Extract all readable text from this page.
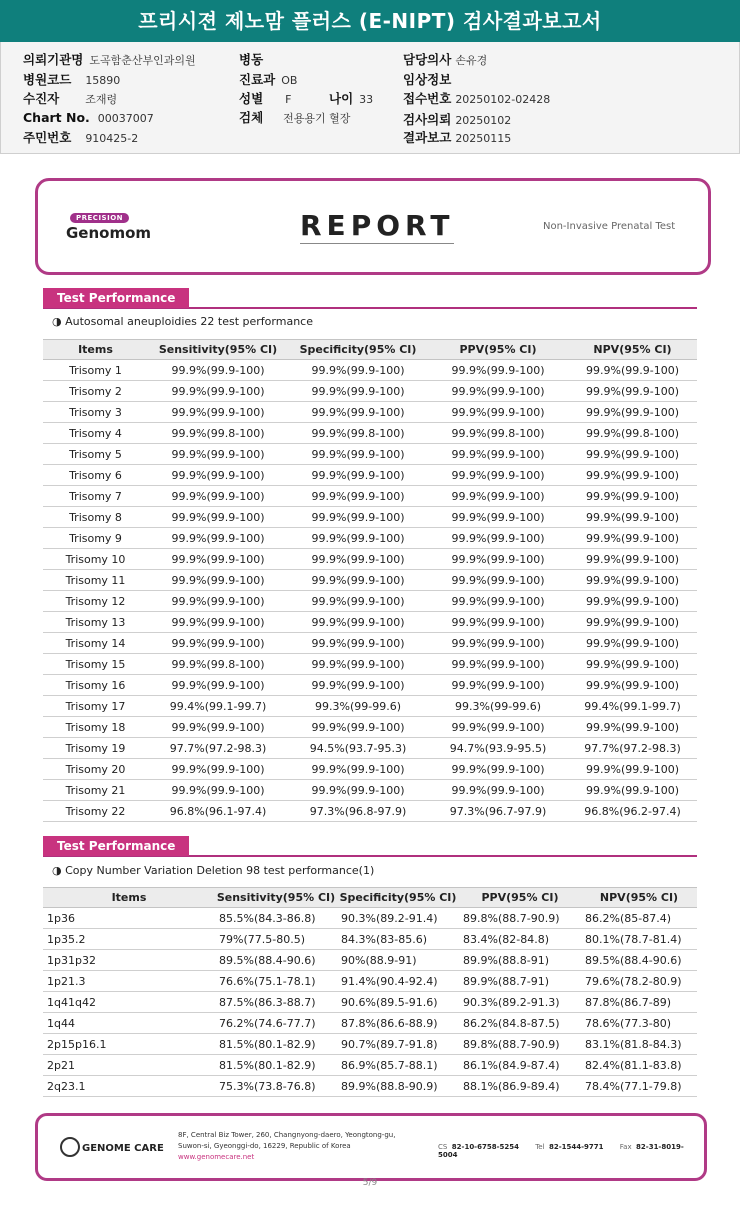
프리시젼 제노맘 플러스 (E-NIPT) 검사결과보고서
의뢰기관명 도곡함춘산부인과의원
병원코드 15890
수진자 조재령
Chart No. 00037007
주민번호 910425-2
병동
진료과 OB
성별 F	나이 33
검체 전용용기 혈장
담당의사 손유경
임상정보
접수번호 20250102-02428
검사의뢰 20250102
결과보고 20250115
PRECISION
Genomom	REPORT	Non-Invasive Prenatal Test
Test Performance
◑ Autosomal aneuploidies 22 test performance
Items	Sensitivity(95% CI)	Specificity(95% CI)	PPV(95% CI)	NPV(95% CI)
Trisomy 1	99.9%(99.9-100)	99.9%(99.9-100)	99.9%(99.9-100)	99.9%(99.9-100)
Trisomy 2	99.9%(99.9-100)	99.9%(99.9-100)	99.9%(99.9-100)	99.9%(99.9-100)
Trisomy 3	99.9%(99.9-100)	99.9%(99.9-100)	99.9%(99.9-100)	99.9%(99.9-100)
Trisomy 4	99.9%(99.8-100)	99.9%(99.8-100)	99.9%(99.8-100)	99.9%(99.8-100)
Trisomy 5	99.9%(99.9-100)	99.9%(99.9-100)	99.9%(99.9-100)	99.9%(99.9-100)
Trisomy 6	99.9%(99.9-100)	99.9%(99.9-100)	99.9%(99.9-100)	99.9%(99.9-100)
Trisomy 7	99.9%(99.9-100)	99.9%(99.9-100)	99.9%(99.9-100)	99.9%(99.9-100)
Trisomy 8	99.9%(99.9-100)	99.9%(99.9-100)	99.9%(99.9-100)	99.9%(99.9-100)
Trisomy 9	99.9%(99.9-100)	99.9%(99.9-100)	99.9%(99.9-100)	99.9%(99.9-100)
Trisomy 10	99.9%(99.9-100)	99.9%(99.9-100)	99.9%(99.9-100)	99.9%(99.9-100)
Trisomy 11	99.9%(99.9-100)	99.9%(99.9-100)	99.9%(99.9-100)	99.9%(99.9-100)
Trisomy 12	99.9%(99.9-100)	99.9%(99.9-100)	99.9%(99.9-100)	99.9%(99.9-100)
Trisomy 13	99.9%(99.9-100)	99.9%(99.9-100)	99.9%(99.9-100)	99.9%(99.9-100)
Trisomy 14	99.9%(99.9-100)	99.9%(99.9-100)	99.9%(99.9-100)	99.9%(99.9-100)
Trisomy 15	99.9%(99.8-100)	99.9%(99.9-100)	99.9%(99.9-100)	99.9%(99.9-100)
Trisomy 16	99.9%(99.9-100)	99.9%(99.9-100)	99.9%(99.9-100)	99.9%(99.9-100)
Trisomy 17	99.4%(99.1-99.7)	99.3%(99-99.6)	99.3%(99-99.6)	99.4%(99.1-99.7)
Trisomy 18	99.9%(99.9-100)	99.9%(99.9-100)	99.9%(99.9-100)	99.9%(99.9-100)
Trisomy 19	97.7%(97.2-98.3)	94.5%(93.7-95.3)	94.7%(93.9-95.5)	97.7%(97.2-98.3)
Trisomy 20	99.9%(99.9-100)	99.9%(99.9-100)	99.9%(99.9-100)	99.9%(99.9-100)
Trisomy 21	99.9%(99.9-100)	99.9%(99.9-100)	99.9%(99.9-100)	99.9%(99.9-100)
Trisomy 22	96.8%(96.1-97.4)	97.3%(96.8-97.9)	97.3%(96.7-97.9)	96.8%(96.2-97.4)
Test Performance
◑ Copy Number Variation Deletion 98 test performance(1)
Items	Sensitivity(95% CI)	Specificity(95% CI)	PPV(95% CI)	NPV(95% CI)
1p36	85.5%(84.3-86.8)	90.3%(89.2-91.4)	89.8%(88.7-90.9)	86.2%(85-87.4)
1p35.2	79%(77.5-80.5)	84.3%(83-85.6)	83.4%(82-84.8)	80.1%(78.7-81.4)
1p31p32	89.5%(88.4-90.6)	90%(88.9-91)	89.9%(88.8-91)	89.5%(88.4-90.6)
1p21.3	76.6%(75.1-78.1)	91.4%(90.4-92.4)	89.9%(88.7-91)	79.6%(78.2-80.9)
1q41q42	87.5%(86.3-88.7)	90.6%(89.5-91.6)	90.3%(89.2-91.3)	87.8%(86.7-89)
1q44	76.2%(74.6-77.7)	87.8%(86.6-88.9)	86.2%(84.8-87.5)	78.6%(77.3-80)
2p15p16.1	81.5%(80.1-82.9)	90.7%(89.7-91.8)	89.8%(88.7-90.9)	83.1%(81.8-84.3)
2p21	81.5%(80.1-82.9)	86.9%(85.7-88.1)	86.1%(84.9-87.4)	82.4%(81.1-83.8)
2q23.1	75.3%(73.8-76.8)	89.9%(88.8-90.9)	88.1%(86.9-89.4)	78.4%(77.1-79.8)
GENOME CARE
8F, Central Biz Tower, 260, Changnyong-daero, Yeongtong-gu,
Suwon-si, Gyeonggi-do, 16229, Republic of Korea
www.genomecare.net
CS 82-10-6758-5254 Tel 82-1544-9771 Fax 82-31-8019-5004
5/9
